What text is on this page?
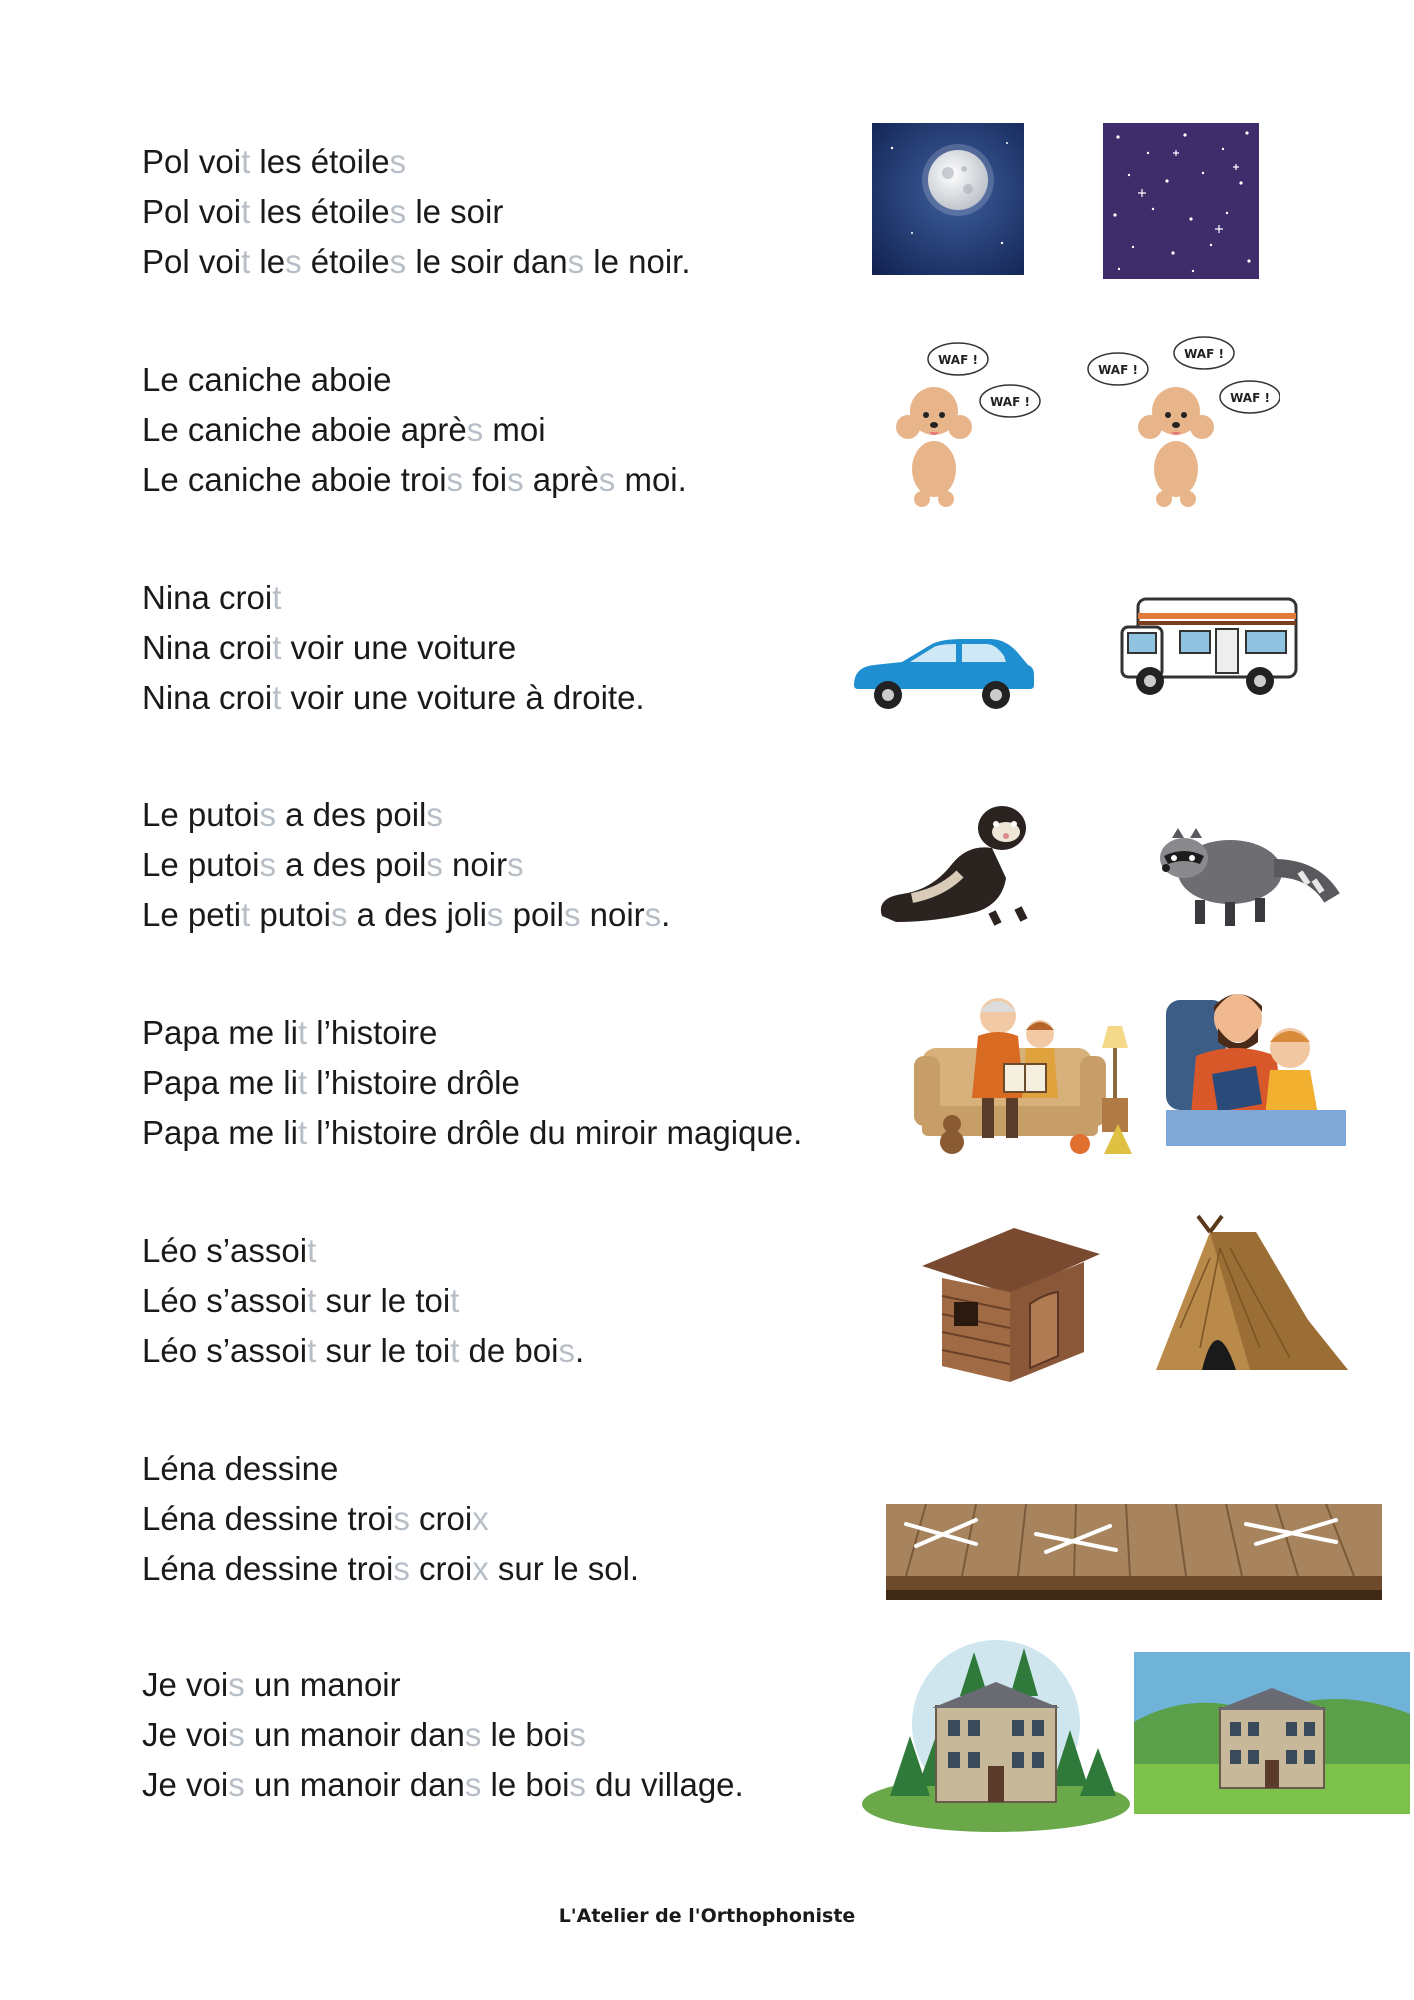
Pol voit les étoiles
Pol voit les étoiles le soir
Pol voit les étoiles le soir dans le noir.
Le caniche aboie
Le caniche aboie après moi
Le caniche aboie trois fois après moi.
WAF !
WAF !
WAF !
WAF !
WAF !
Nina croit
Nina croit voir une voiture
Nina croit voir une voiture à droite.
Le putois a des poils
Le putois a des poils noirs
Le petit putois a des jolis poils noirs.
Papa me lit l’histoire
Papa me lit l’histoire drôle
Papa me lit l’histoire drôle du miroir magique.
Léo s’assoit
Léo s’assoit sur le toit
Léo s’assoit sur le toit de bois.
Léna dessine
Léna dessine trois croix
Léna dessine trois croix sur le sol.
Je vois un manoir
Je vois un manoir dans le bois
Je vois un manoir dans le bois du village.
L'Atelier de l'Orthophoniste
